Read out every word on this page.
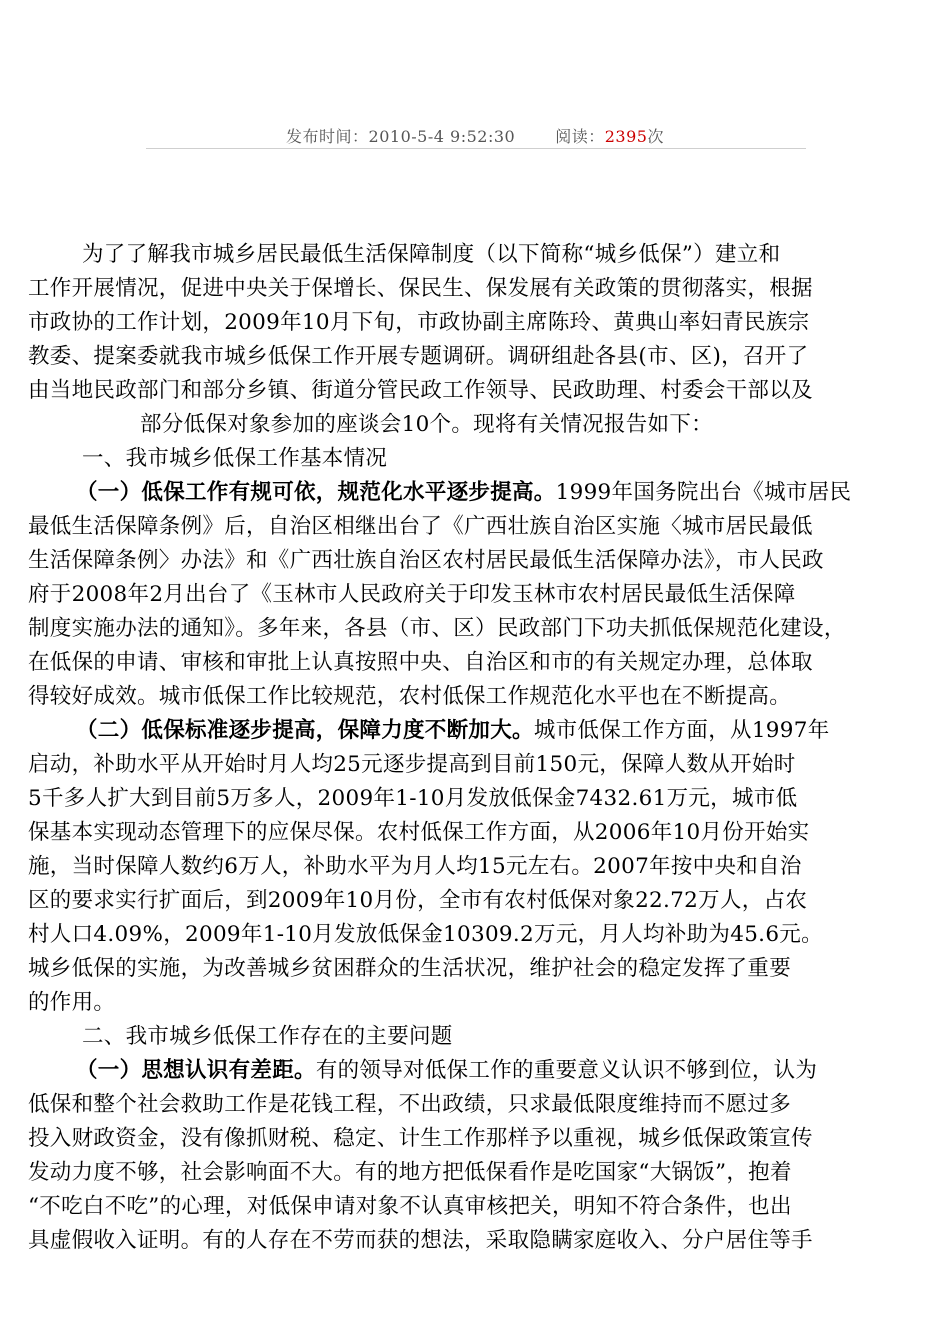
发布时间：2010-5-4 9:52:30	阅读：2395次
为了了解我市城乡居民最低生活保障制度（以下简称“城乡低保”）建立和
工作开展情况，促进中央关于保增长、保民生、保发展有关政策的贯彻落实，根据
市政协的工作计划，2009年10月下旬，市政协副主席陈玲、黄典山率妇青民族宗
教委、提案委就我市城乡低保工作开展专题调研。调研组赴各县(市、区)，召开了
由当地民政部门和部分乡镇、街道分管民政工作领导、民政助理、村委会干部以及
部分低保对象参加的座谈会10个。现将有关情况报告如下：
一、我市城乡低保工作基本情况
（一）低保工作有规可依，规范化水平逐步提高。1999年国务院出台《城市居民
最低生活保障条例》后，自治区相继出台了《广西壮族自治区实施〈城市居民最低
生活保障条例〉办法》和《广西壮族自治区农村居民最低生活保障办法》，市人民政
府于2008年2月出台了《玉林市人民政府关于印发玉林市农村居民最低生活保障
制度实施办法的通知》。多年来，各县（市、区）民政部门下功夫抓低保规范化建设，
在低保的申请、审核和审批上认真按照中央、自治区和市的有关规定办理，总体取
得较好成效。城市低保工作比较规范，农村低保工作规范化水平也在不断提高。
（二）低保标准逐步提高，保障力度不断加大。城市低保工作方面，从1997年
启动，补助水平从开始时月人均25元逐步提高到目前150元，保障人数从开始时
5千多人扩大到目前5万多人，2009年1-10月发放低保金7432.61万元，城市低
保基本实现动态管理下的应保尽保。农村低保工作方面，从2006年10月份开始实
施，当时保障人数约6万人，补助水平为月人均15元左右。2007年按中央和自治
区的要求实行扩面后，到2009年10月份，全市有农村低保对象22.72万人，占农
村人口4.09%，2009年1-10月发放低保金10309.2万元，月人均补助为45.6元。
城乡低保的实施，为改善城乡贫困群众的生活状况，维护社会的稳定发挥了重要
的作用。
二、我市城乡低保工作存在的主要问题
（一）思想认识有差距。有的领导对低保工作的重要意义认识不够到位，认为
低保和整个社会救助工作是花钱工程，不出政绩，只求最低限度维持而不愿过多
投入财政资金，没有像抓财税、稳定、计生工作那样予以重视，城乡低保政策宣传
发动力度不够，社会影响面不大。有的地方把低保看作是吃国家“大锅饭”，抱着
“不吃白不吃”的心理，对低保申请对象不认真审核把关，明知不符合条件，也出
具虚假收入证明。有的人存在不劳而获的想法，采取隐瞒家庭收入、分户居住等手
